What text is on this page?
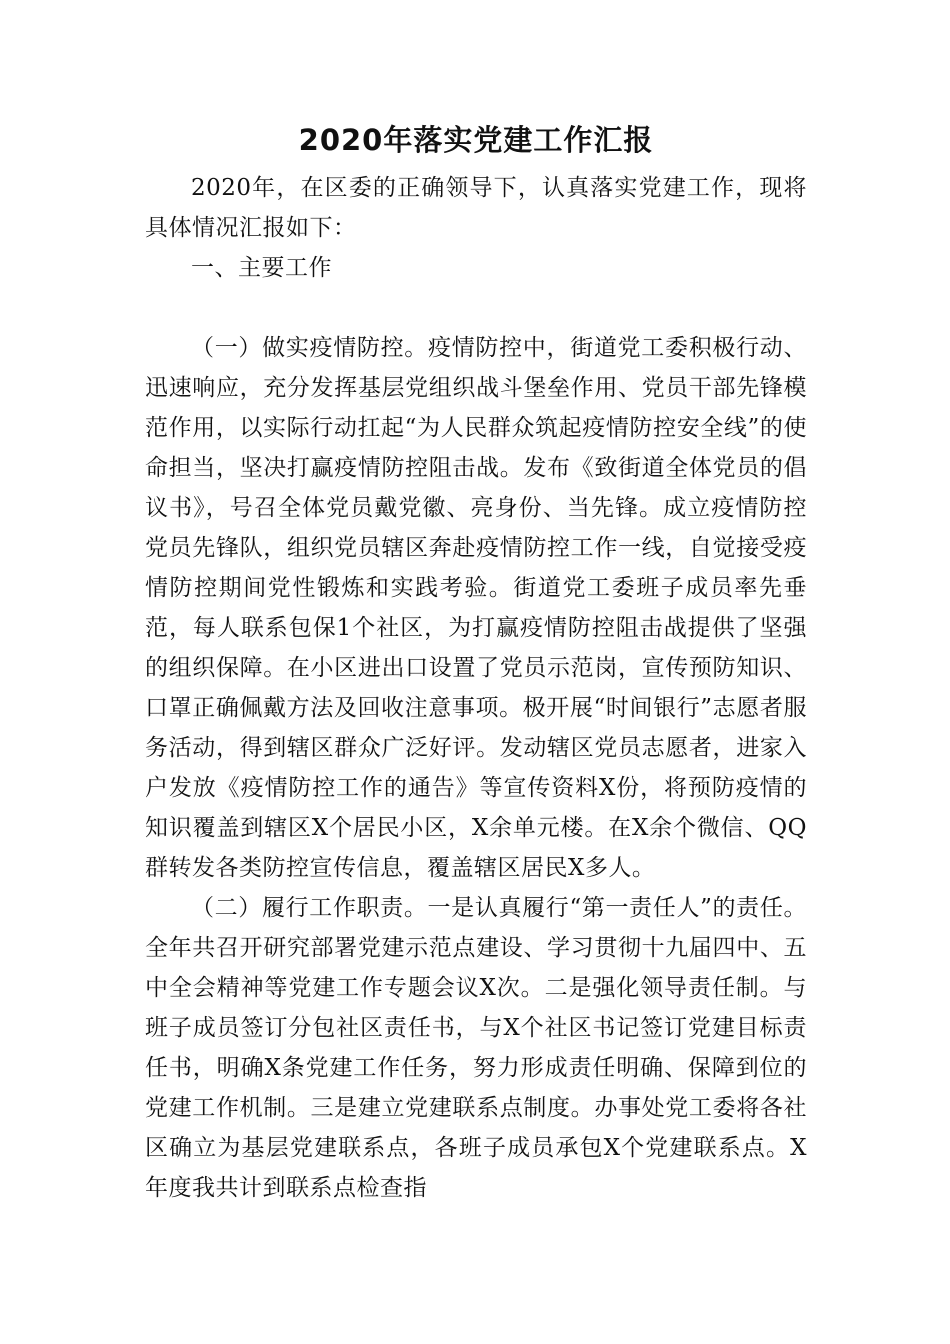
2020年落实党建工作汇报

2020年，在区委的正确领导下，认真落实党建工作，现将具体情况汇报如下：

一、主要工作

（一）做实疫情防控。疫情防控中，街道党工委积极行动、迅速响应，充分发挥基层党组织战斗堡垒作用、党员干部先锋模范作用，以实际行动扛起“为人民群众筑起疫情防控安全线”的使命担当，坚决打赢疫情防控阻击战。发布《致街道全体党员的倡议书》，号召全体党员戴党徽、亮身份、当先锋。成立疫情防控党员先锋队，组织党员辖区奔赴疫情防控工作一线，自觉接受疫情防控期间党性锻炼和实践考验。街道党工委班子成员率先垂范，每人联系包保1个社区，为打赢疫情防控阻击战提供了坚强的组织保障。在小区进出口设置了党员示范岗，宣传预防知识、口罩正确佩戴方法及回收注意事项。极开展“时间银行”志愿者服务活动，得到辖区群众广泛好评。发动辖区党员志愿者，进家入户发放《疫情防控工作的通告》等宣传资料X份，将预防疫情的知识覆盖到辖区X个居民小区，X余单元楼。在X余个微信、QQ群转发各类防控宣传信息，覆盖辖区居民X多人。

（二）履行工作职责。一是认真履行“第一责任人”的责任。全年共召开研究部署党建示范点建设、学习贯彻十九届四中、五中全会精神等党建工作专题会议X次。二是强化领导责任制。与班子成员签订分包社区责任书，与X个社区书记签订党建目标责任书，明确X条党建工作任务，努力形成责任明确、保障到位的党建工作机制。三是建立党建联系点制度。办事处党工委将各社区确立为基层党建联系点，各班子成员承包X个党建联系点。X年度我共计到联系点检查指
